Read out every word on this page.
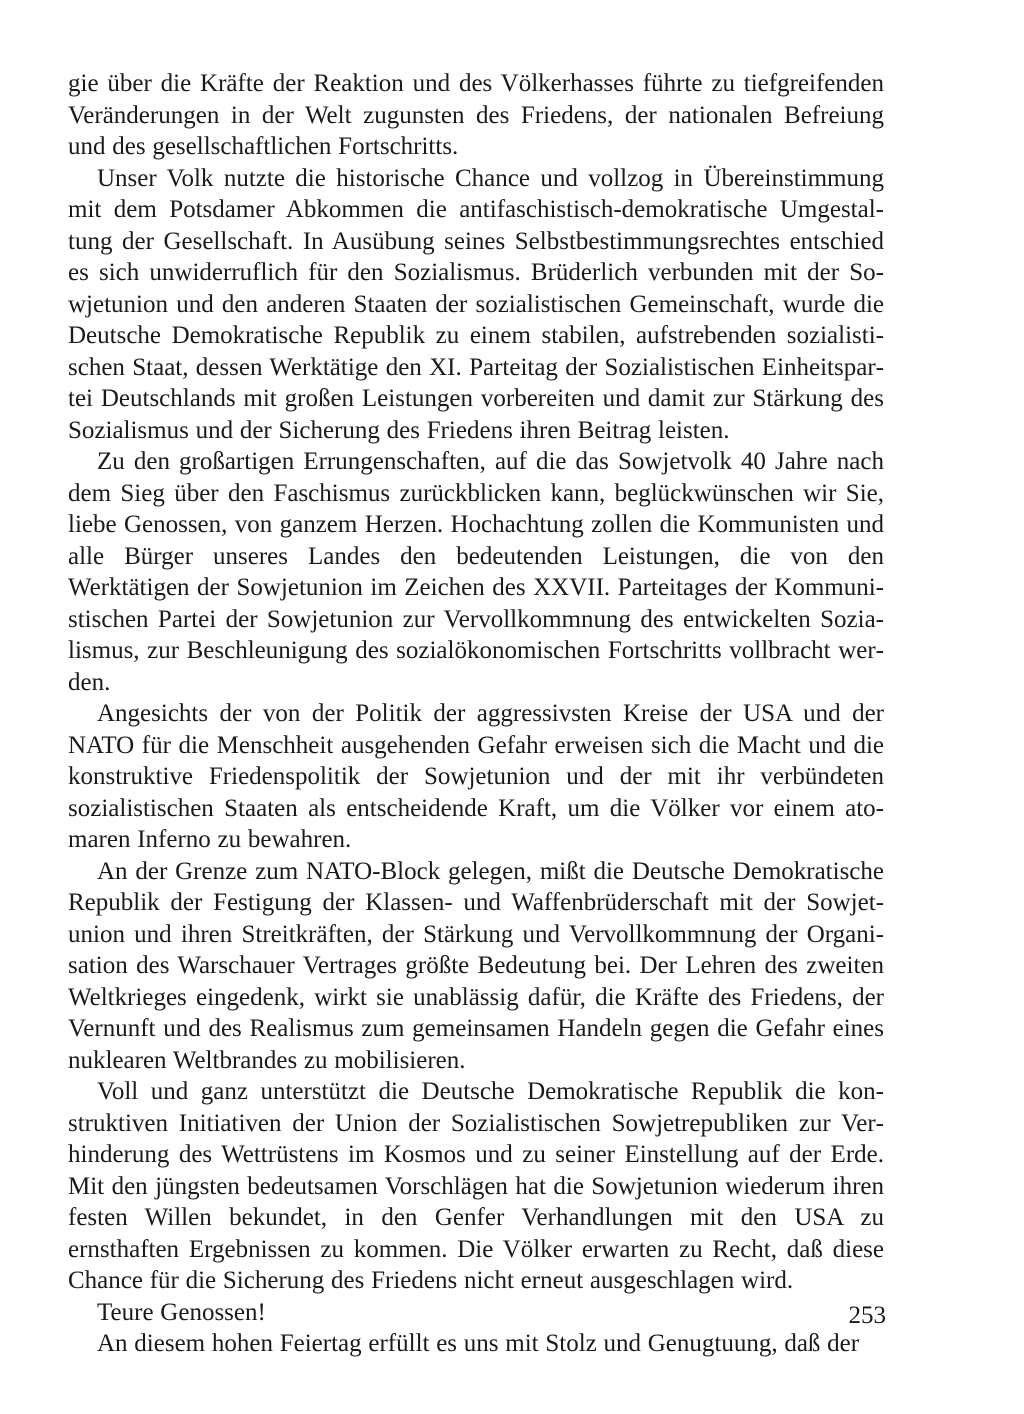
gie über die Kräfte der Reaktion und des Völkerhasses führte zu tiefgreifenden Veränderungen in der Welt zugunsten des Friedens, der nationalen Befreiung und des gesellschaftlichen Fortschritts.

Unser Volk nutzte die historische Chance und vollzog in Übereinstimmung mit dem Potsdamer Abkommen die antifaschistisch-demokratische Umgestaltung der Gesellschaft. In Ausübung seines Selbstbestimmungsrechtes entschied es sich unwiderruflich für den Sozialismus. Brüderlich verbunden mit der Sowjetunion und den anderen Staaten der sozialistischen Gemeinschaft, wurde die Deutsche Demokratische Republik zu einem stabilen, aufstrebenden sozialistischen Staat, dessen Werktätige den XI. Parteitag der Sozialistischen Einheitspartei Deutschlands mit großen Leistungen vorbereiten und damit zur Stärkung des Sozialismus und der Sicherung des Friedens ihren Beitrag leisten.

Zu den großartigen Errungenschaften, auf die das Sowjetvolk 40 Jahre nach dem Sieg über den Faschismus zurückblicken kann, beglückwünschen wir Sie, liebe Genossen, von ganzem Herzen. Hochachtung zollen die Kommunisten und alle Bürger unseres Landes den bedeutenden Leistungen, die von den Werktätigen der Sowjetunion im Zeichen des XXVII. Parteitages der Kommunistischen Partei der Sowjetunion zur Vervollkommnung des entwickelten Sozialismus, zur Beschleunigung des sozialökonomischen Fortschritts vollbracht werden.

Angesichts der von der Politik der aggressivsten Kreise der USA und der NATO für die Menschheit ausgehenden Gefahr erweisen sich die Macht und die konstruktive Friedenspolitik der Sowjetunion und der mit ihr verbündeten sozialistischen Staaten als entscheidende Kraft, um die Völker vor einem atomaren Inferno zu bewahren.

An der Grenze zum NATO-Block gelegen, mißt die Deutsche Demokratische Republik der Festigung der Klassen- und Waffenbrüderschaft mit der Sowjetunion und ihren Streitkräften, der Stärkung und Vervollkommnung der Organisation des Warschauer Vertrages größte Bedeutung bei. Der Lehren des zweiten Weltkrieges eingedenk, wirkt sie unablässig dafür, die Kräfte des Friedens, der Vernunft und des Realismus zum gemeinsamen Handeln gegen die Gefahr eines nuklearen Weltbrandes zu mobilisieren.

Voll und ganz unterstützt die Deutsche Demokratische Republik die konstruktiven Initiativen der Union der Sozialistischen Sowjetrepubliken zur Verhinderung des Wettrüstens im Kosmos und zu seiner Einstellung auf der Erde. Mit den jüngsten bedeutsamen Vorschlägen hat die Sowjetunion wiederum ihren festen Willen bekundet, in den Genfer Verhandlungen mit den USA zu ernsthaften Ergebnissen zu kommen. Die Völker erwarten zu Recht, daß diese Chance für die Sicherung des Friedens nicht erneut ausgeschlagen wird.

Teure Genossen!

An diesem hohen Feiertag erfüllt es uns mit Stolz und Genugtuung, daß der

253
